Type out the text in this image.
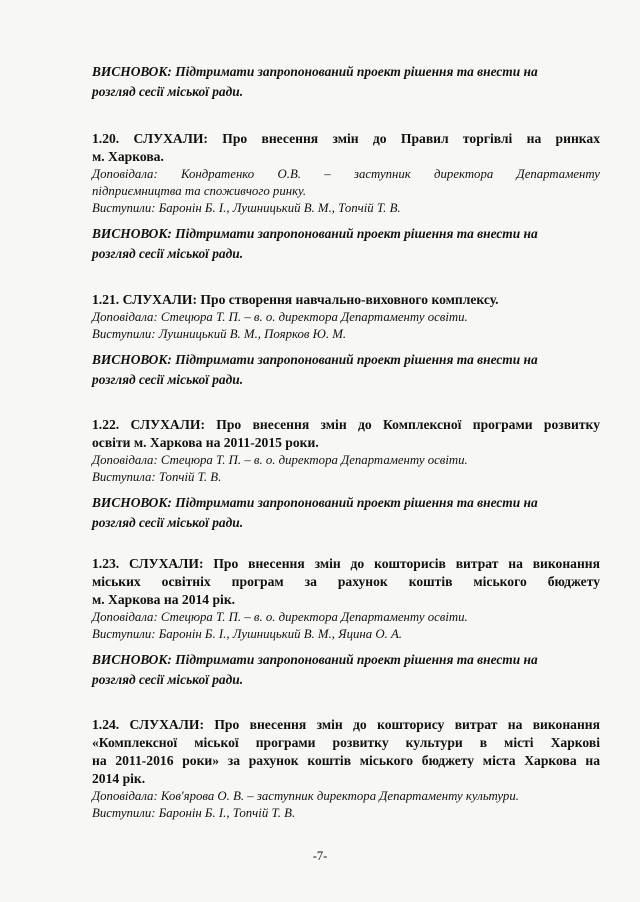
ВИСНОВОК: Підтримати запропонований проект рішення та внести на

розгляд сесії міської ради.

1.20. СЛУХАЛИ: Про внесення змін до Правил торгівлі на ринках

м. Харкова.

Доповідала: Кондратенко О.В. – заступник директора Департаменту

підприємництва та споживчого ринку.

Виступили: Баронін Б. І., Лушницький В. М., Топчій Т. В.

ВИСНОВОК: Підтримати запропонований проект рішення та внести на

розгляд сесії міської ради.

1.21. СЛУХАЛИ: Про створення навчально-виховного комплексу.

Доповідала: Стецюра Т. П. – в. о. директора Департаменту освіти.

Виступили: Лушницький В. М., Поярков Ю. М.

ВИСНОВОК: Підтримати запропонований проект рішення та внести на

розгляд сесії міської ради.

1.22. СЛУХАЛИ: Про внесення змін до Комплексної програми розвитку

освіти м. Харкова на 2011-2015 роки.

Доповідала: Стецюра Т. П. – в. о. директора Департаменту освіти.

Виступила: Топчій Т. В.

ВИСНОВОК: Підтримати запропонований проект рішення та внести на

розгляд сесії міської ради.

1.23. СЛУХАЛИ: Про внесення змін до кошторисів витрат на виконання

міських освітніх програм за рахунок коштів міського бюджету

м. Харкова на 2014 рік.

Доповідала: Стецюра Т. П. – в. о. директора Департаменту освіти.

Виступили: Баронін Б. І., Лушницький В. М., Яцина О. А.

ВИСНОВОК: Підтримати запропонований проект рішення та внести на

розгляд сесії міської ради.

1.24. СЛУХАЛИ: Про внесення змін до кошторису витрат на виконання

«Комплексної міської програми розвитку культури в місті Харкові

на 2011-2016 роки» за рахунок коштів міського бюджету міста Харкова на

2014 рік.

Доповідала: Ков'ярова О. В. – заступник директора Департаменту культури.

Виступили: Баронін Б. І., Топчій Т. В.

-7-
